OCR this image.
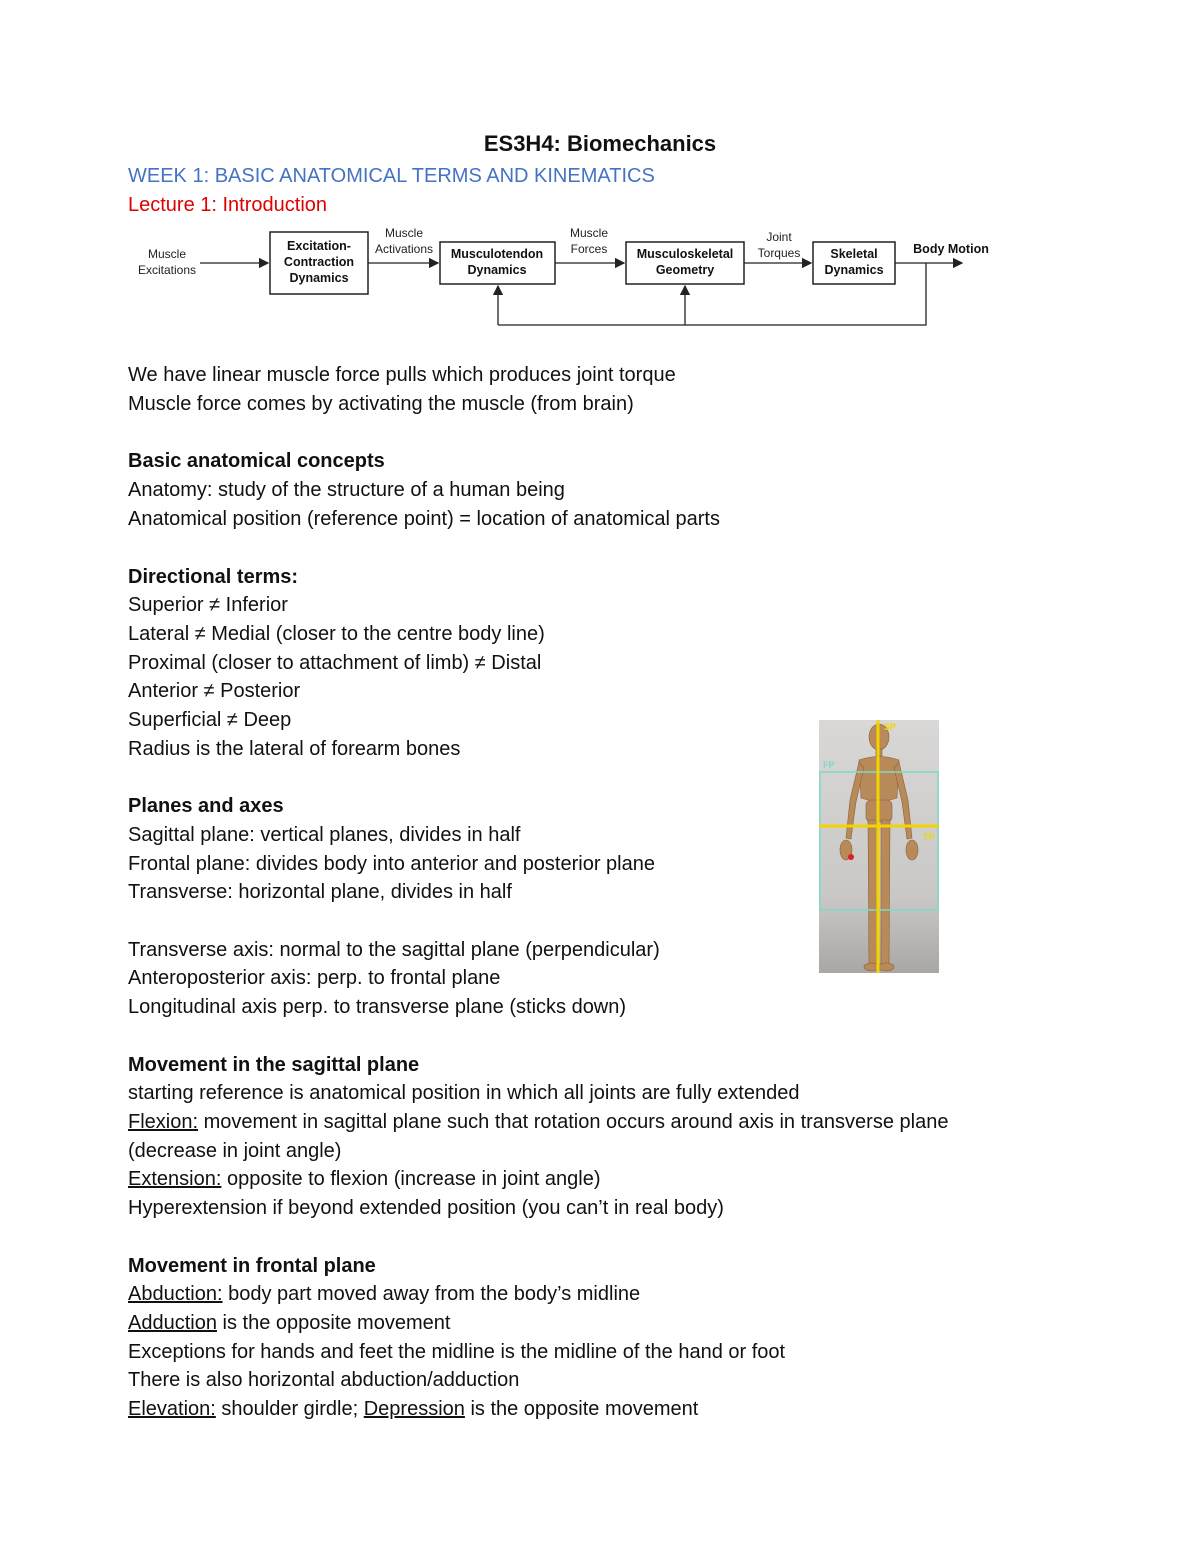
ES3H4: Biomechanics
WEEK 1: BASIC ANATOMICAL TERMS AND KINEMATICS
Lecture 1: Introduction
Muscle
Excitations
Excitation-
Contraction
Dynamics
Muscle
Activations Musculotendon
Dynamics
Muscle
Forces Musculoskeletal
Geometry
Joint
Torques Skeletal
Dynamics
Body Motion
SP
FP
TP
We have linear muscle force pulls which produces joint torque
Muscle force comes by activating the muscle (from brain)
Basic anatomical concepts
Anatomy: study of the structure of a human being
Anatomical position (reference point) = location of anatomical parts
Directional terms:
Superior ≠ Inferior
Lateral ≠ Medial (closer to the centre body line)
Proximal (closer to attachment of limb) ≠ Distal
Anterior ≠ Posterior
Superficial ≠ Deep
Radius is the lateral of forearm bones
Planes and axes
Sagittal plane: vertical planes, divides in half
Frontal plane: divides body into anterior and posterior plane
Transverse: horizontal plane, divides in half
Transverse axis: normal to the sagittal plane (perpendicular)
Anteroposterior axis: perp. to frontal plane
Longitudinal axis perp. to transverse plane (sticks down)
Movement in the sagittal plane
starting reference is anatomical position in which all joints are fully extended
Flexion: movement in sagittal plane such that rotation occurs around axis in transverse plane
(decrease in joint angle)
Extension: opposite to flexion (increase in joint angle)
Hyperextension if beyond extended position (you can’t in real body)
Movement in frontal plane
Abduction: body part moved away from the body’s midline
Adduction is the opposite movement
Exceptions for hands and feet the midline is the midline of the hand or foot
There is also horizontal abduction/adduction
Elevation: shoulder girdle; Depression is the opposite movement
